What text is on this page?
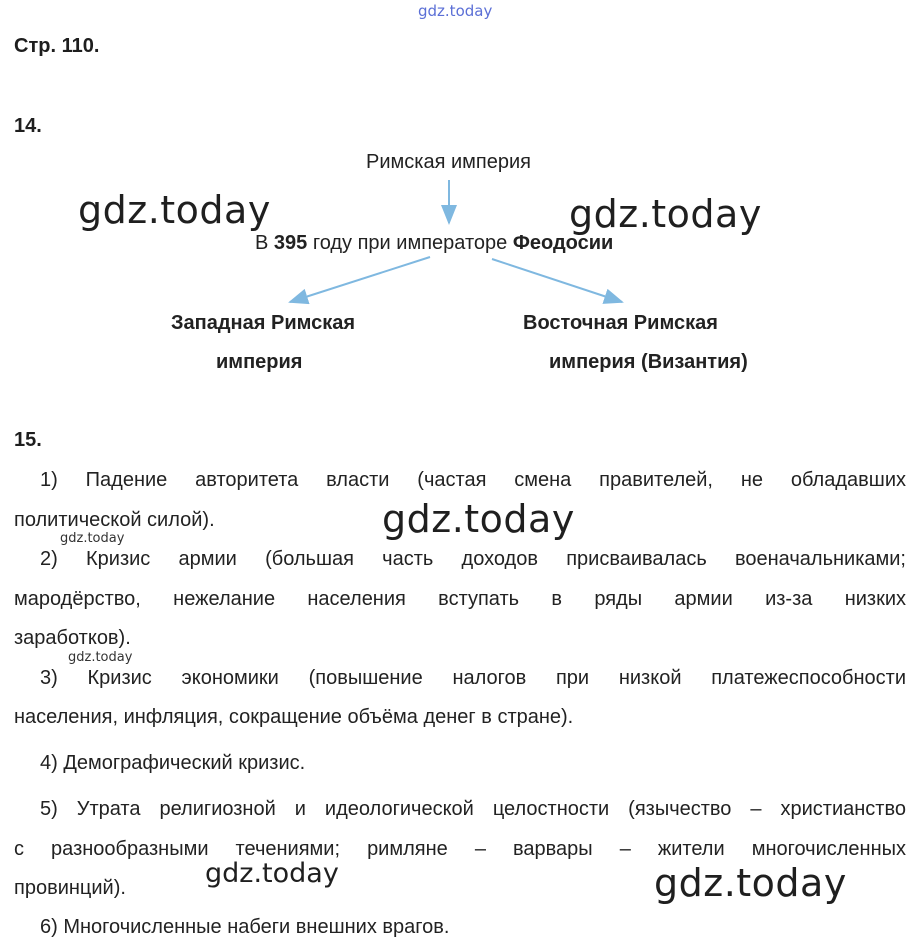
gdz.today
gdz.today	gdz.today
gdz.today
gdz.today
gdz.today
gdz.today	gdz.today
Стр. 110.
14.
Римская империя
В 395 году при императоре Феодосии
Западная Римская
империя
Восточная Римская
империя (Византия)
15.
1) Падение авторитета власти (частая смена правителей, не обладавших
политической силой).
2) Кризис армии (большая часть доходов присваивалась военачальниками;
мародёрство, нежелание населения вступать в ряды армии из-за низких
заработков).
3) Кризис экономики (повышение налогов при низкой платежеспособности
населения, инфляция, сокращение объёма денег в стране).
4) Демографический кризис.
5) Утрата религиозной и идеологической целостности (язычество – христианство
с разнообразными течениями; римляне – варвары – жители многочисленных
провинций).
6) Многочисленные набеги внешних врагов.
